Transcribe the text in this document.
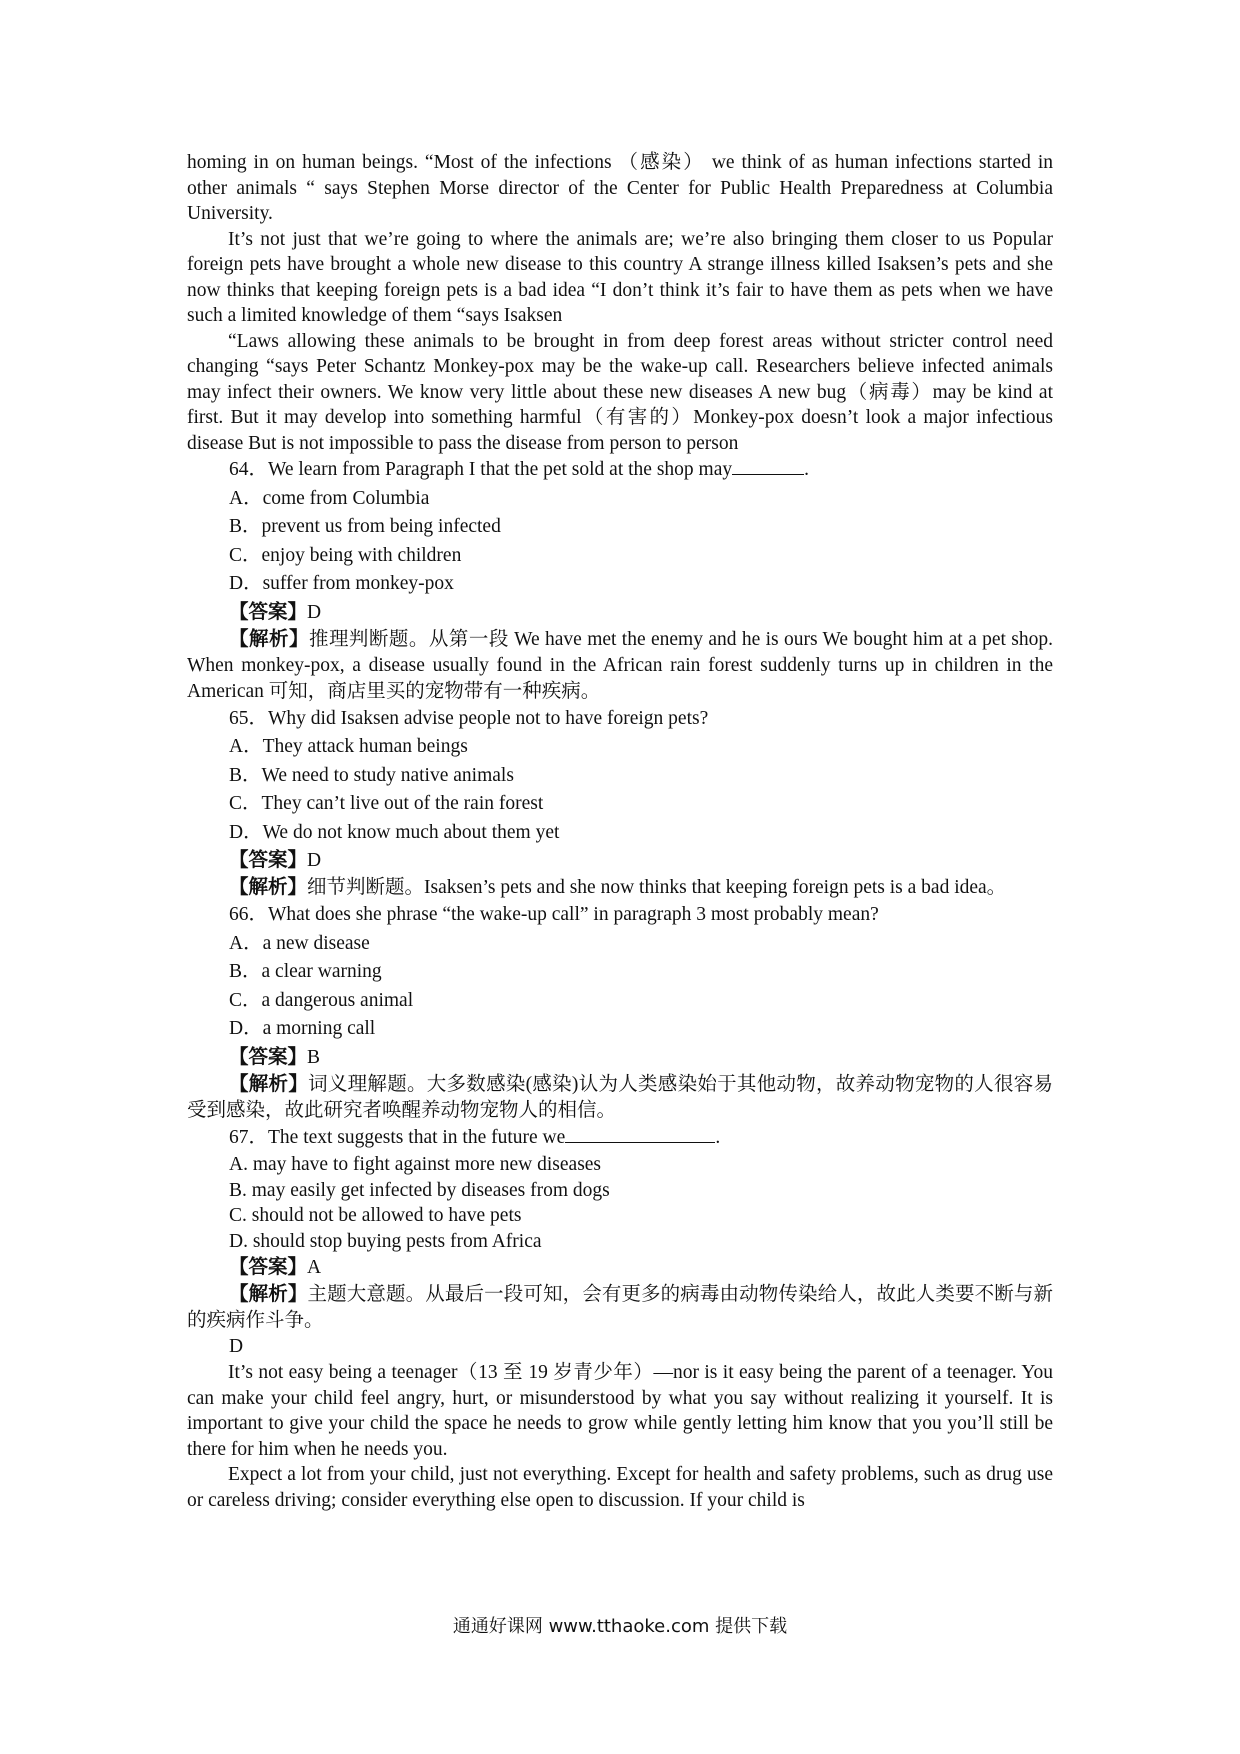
homing in on human beings. “Most of the infections （感染） we think of as human infections started in other animals “ says Stephen Morse director of the Center for Public Health Preparedness at Columbia University.

It’s not just that we’re going to where the animals are; we’re also bringing them closer to us Popular foreign pets have brought a whole new disease to this country A strange illness killed Isaksen’s pets and she now thinks that keeping foreign pets is a bad idea “I don’t think it’s fair to have them as pets when we have such a limited knowledge of them “says Isaksen

“Laws allowing these animals to be brought in from deep forest areas without stricter control need changing “says Peter Schantz Monkey-pox may be the wake-up call. Researchers believe infected animals may infect their owners. We know very little about these new diseases A new bug（病毒）may be kind at first. But it may develop into something harmful（有害的）Monkey-pox doesn’t look a major infectious disease But is not impossible to pass the disease from person to person

64．We learn from Paragraph I that the pet sold at the shop may	.

A．come from Columbia

B．prevent us from being infected

C．enjoy being with children

D．suffer from monkey-pox

【答案】D

【解析】推理判断题。从第一段 We have met the enemy and he is ours We bought him at a pet shop. When monkey-pox, a disease usually found in the African rain forest suddenly turns up in children in the American 可知，商店里买的宠物带有一种疾病。

65．Why did Isaksen advise people not to have foreign pets?

A．They attack human beings

B．We need to study native animals

C．They can’t live out of the rain forest

D．We do not know much about them yet

【答案】D

【解析】细节判断题。Isaksen’s pets and she now thinks that keeping foreign pets is a bad idea。

66．What does she phrase “the wake-up call” in paragraph 3 most probably mean?

A．a new disease

B．a clear warning

C．a dangerous animal

D．a morning call

【答案】B

【解析】词义理解题。大多数感染(感染)认为人类感染始于其他动物，故养动物宠物的人很容易受到感染，故此研究者唤醒养动物宠物人的相信。

67．The text suggests that in the future we	.

A. may have to fight against more new diseases

B. may easily get infected by diseases from dogs

C. should not be allowed to have pets

D. should stop buying pests from Africa

【答案】A

【解析】主题大意题。从最后一段可知，会有更多的病毒由动物传染给人，故此人类要不断与新的疾病作斗争。

D

It’s not easy being a teenager（13 至 19 岁青少年）—nor is it easy being the parent of a teenager. You can make your child feel angry, hurt, or misunderstood by what you say without realizing it yourself. It is important to give your child the space he needs to grow while gently letting him know that you you’ll still be there for him when he needs you.

Expect a lot from your child, just not everything. Except for health and safety problems, such as drug use or careless driving; consider everything else open to discussion. If your child is

通通好课网 www.tthaoke.com 提供下载
